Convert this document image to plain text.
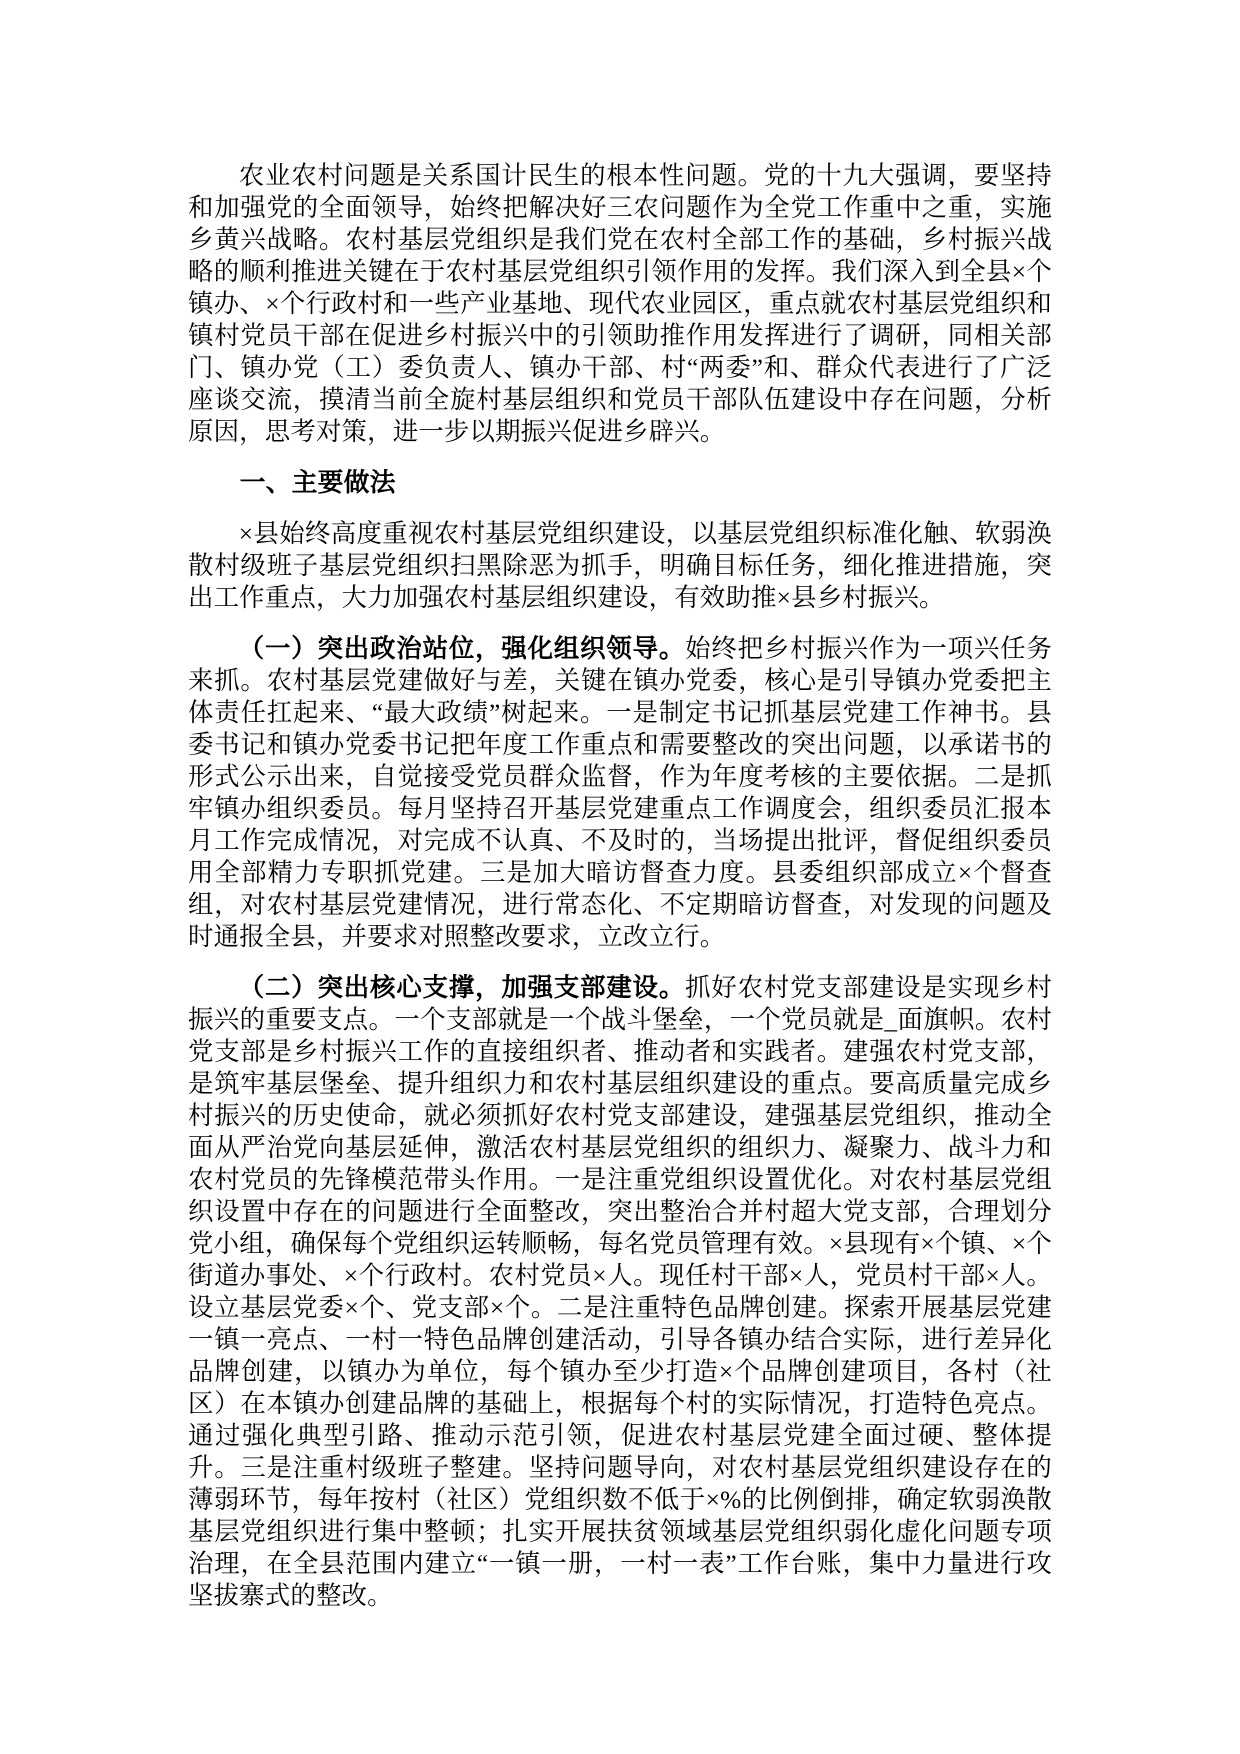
农业农村问题是关系国计民生的根本性问题。党的十九大强调，要坚持和加强党的全面领导，始终把解决好三农问题作为全党工作重中之重，实施乡黄兴战略。农村基层党组织是我们党在农村全部工作的基础，乡村振兴战略的顺利推进关键在于农村基层党组织引领作用的发挥。我们深入到全县×个镇办、×个行政村和一些产业基地、现代农业园区，重点就农村基层党组织和镇村党员干部在促进乡村振兴中的引领助推作用发挥进行了调研，同相关部门、镇办党（工）委负责人、镇办干部、村“两委”和、群众代表进行了广泛座谈交流，摸清当前全旋村基层组织和党员干部队伍建设中存在问题，分析原因，思考对策，进一步以期振兴促进乡辟兴。

一、主要做法

×县始终高度重视农村基层党组织建设，以基层党组织标准化触、软弱涣散村级班子基层党组织扫黑除恶为抓手，明确目标任务，细化推进措施，突出工作重点，大力加强农村基层组织建设，有效助推×县乡村振兴。

（一）突出政治站位，强化组织领导。始终把乡村振兴作为一项兴任务来抓。农村基层党建做好与差，关键在镇办党委，核心是引导镇办党委把主体责任扛起来、“最大政绩”树起来。一是制定书记抓基层党建工作神书。县委书记和镇办党委书记把年度工作重点和需要整改的突出问题，以承诺书的形式公示出来，自觉接受党员群众监督，作为年度考核的主要依据。二是抓牢镇办组织委员。每月坚持召开基层党建重点工作调度会，组织委员汇报本月工作完成情况，对完成不认真、不及时的，当场提出批评，督促组织委员用全部精力专职抓党建。三是加大暗访督查力度。县委组织部成立×个督查组，对农村基层党建情况，进行常态化、不定期暗访督查，对发现的问题及时通报全县，并要求对照整改要求，立改立行。

（二）突出核心支撑，加强支部建设。抓好农村党支部建设是实现乡村振兴的重要支点。一个支部就是一个战斗堡垒，一个党员就是_面旗帜。农村党支部是乡村振兴工作的直接组织者、推动者和实践者。建强农村党支部，是筑牢基层堡垒、提升组织力和农村基层组织建设的重点。要高质量完成乡村振兴的历史使命，就必须抓好农村党支部建设，建强基层党组织，推动全面从严治党向基层延伸，激活农村基层党组织的组织力、凝聚力、战斗力和农村党员的先锋模范带头作用。一是注重党组织设置优化。对农村基层党组织设置中存在的问题进行全面整改，突出整治合并村超大党支部，合理划分党小组，确保每个党组织运转顺畅，每名党员管理有效。×县现有×个镇、×个街道办事处、×个行政村。农村党员×人。现任村干部×人，党员村干部×人。设立基层党委×个、党支部×个。二是注重特色品牌创建。探索开展基层党建一镇一亮点、一村一特色品牌创建活动，引导各镇办结合实际，进行差异化品牌创建，以镇办为单位，每个镇办至少打造×个品牌创建项目，各村（社区）在本镇办创建品牌的基础上，根据每个村的实际情况，打造特色亮点。通过强化典型引路、推动示范引领，促进农村基层党建全面过硬、整体提升。三是注重村级班子整建。坚持问题导向，对农村基层党组织建设存在的薄弱环节，每年按村（社区）党组织数不低于×%的比例倒排，确定软弱涣散基层党组织进行集中整顿；扎实开展扶贫领域基层党组织弱化虚化问题专项治理，在全县范围内建立“一镇一册，一村一表”工作台账，集中力量进行攻坚拔寨式的整改。
